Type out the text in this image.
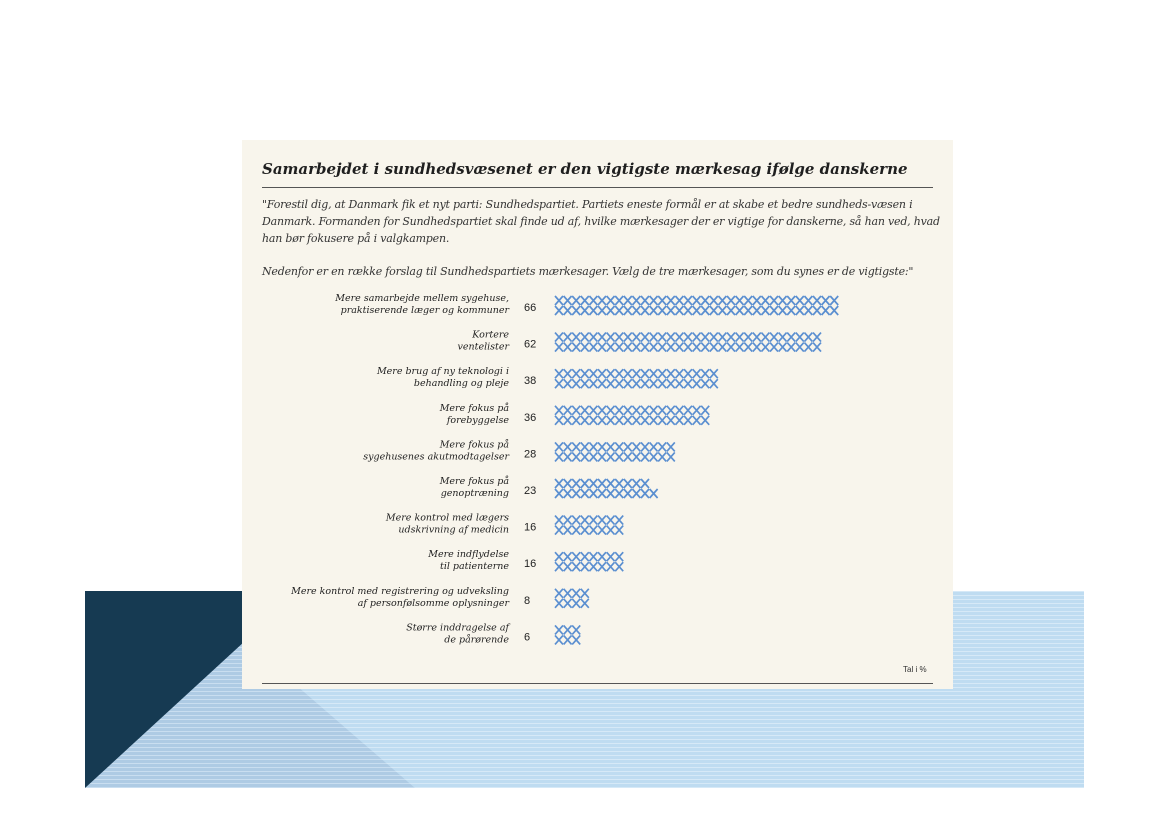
Samarbejdet i sundhedsvæsenet er den vigtigste mærkesag ifølge danskerne

"Forestil dig, at Danmark fik et nyt parti: Sundhedspartiet. Partiets eneste formål er at skabe et bedre sundheds-væsen i Danmark. Formanden for Sundhedspartiet skal finde ud af, hvilke mærkesager der er vigtige for danskerne, så han ved, hvad han bør fokusere på i valgkampen.

Nedenfor er en række forslag til Sundhedspartiets mærkesager. Vælg de tre mærkesager, som du synes er de vigtigste:"

Mere samarbejde mellem sygehuse, praktiserende læger og kommuner 66
Kortere ventelister 62
Mere brug af ny teknologi i behandling og pleje 38
Mere fokus på forebyggelse 36
Mere fokus på sygehusenes akutmodtagelser 28
Mere fokus på genoptræning 23
Mere kontrol med lægers udskrivning af medicin 16
Mere indflydelse til patienterne 16
Mere kontrol med registrering og udveksling af personfølsomme oplysninger 8
Større inddragelse af de pårørende 6
Tal i %
